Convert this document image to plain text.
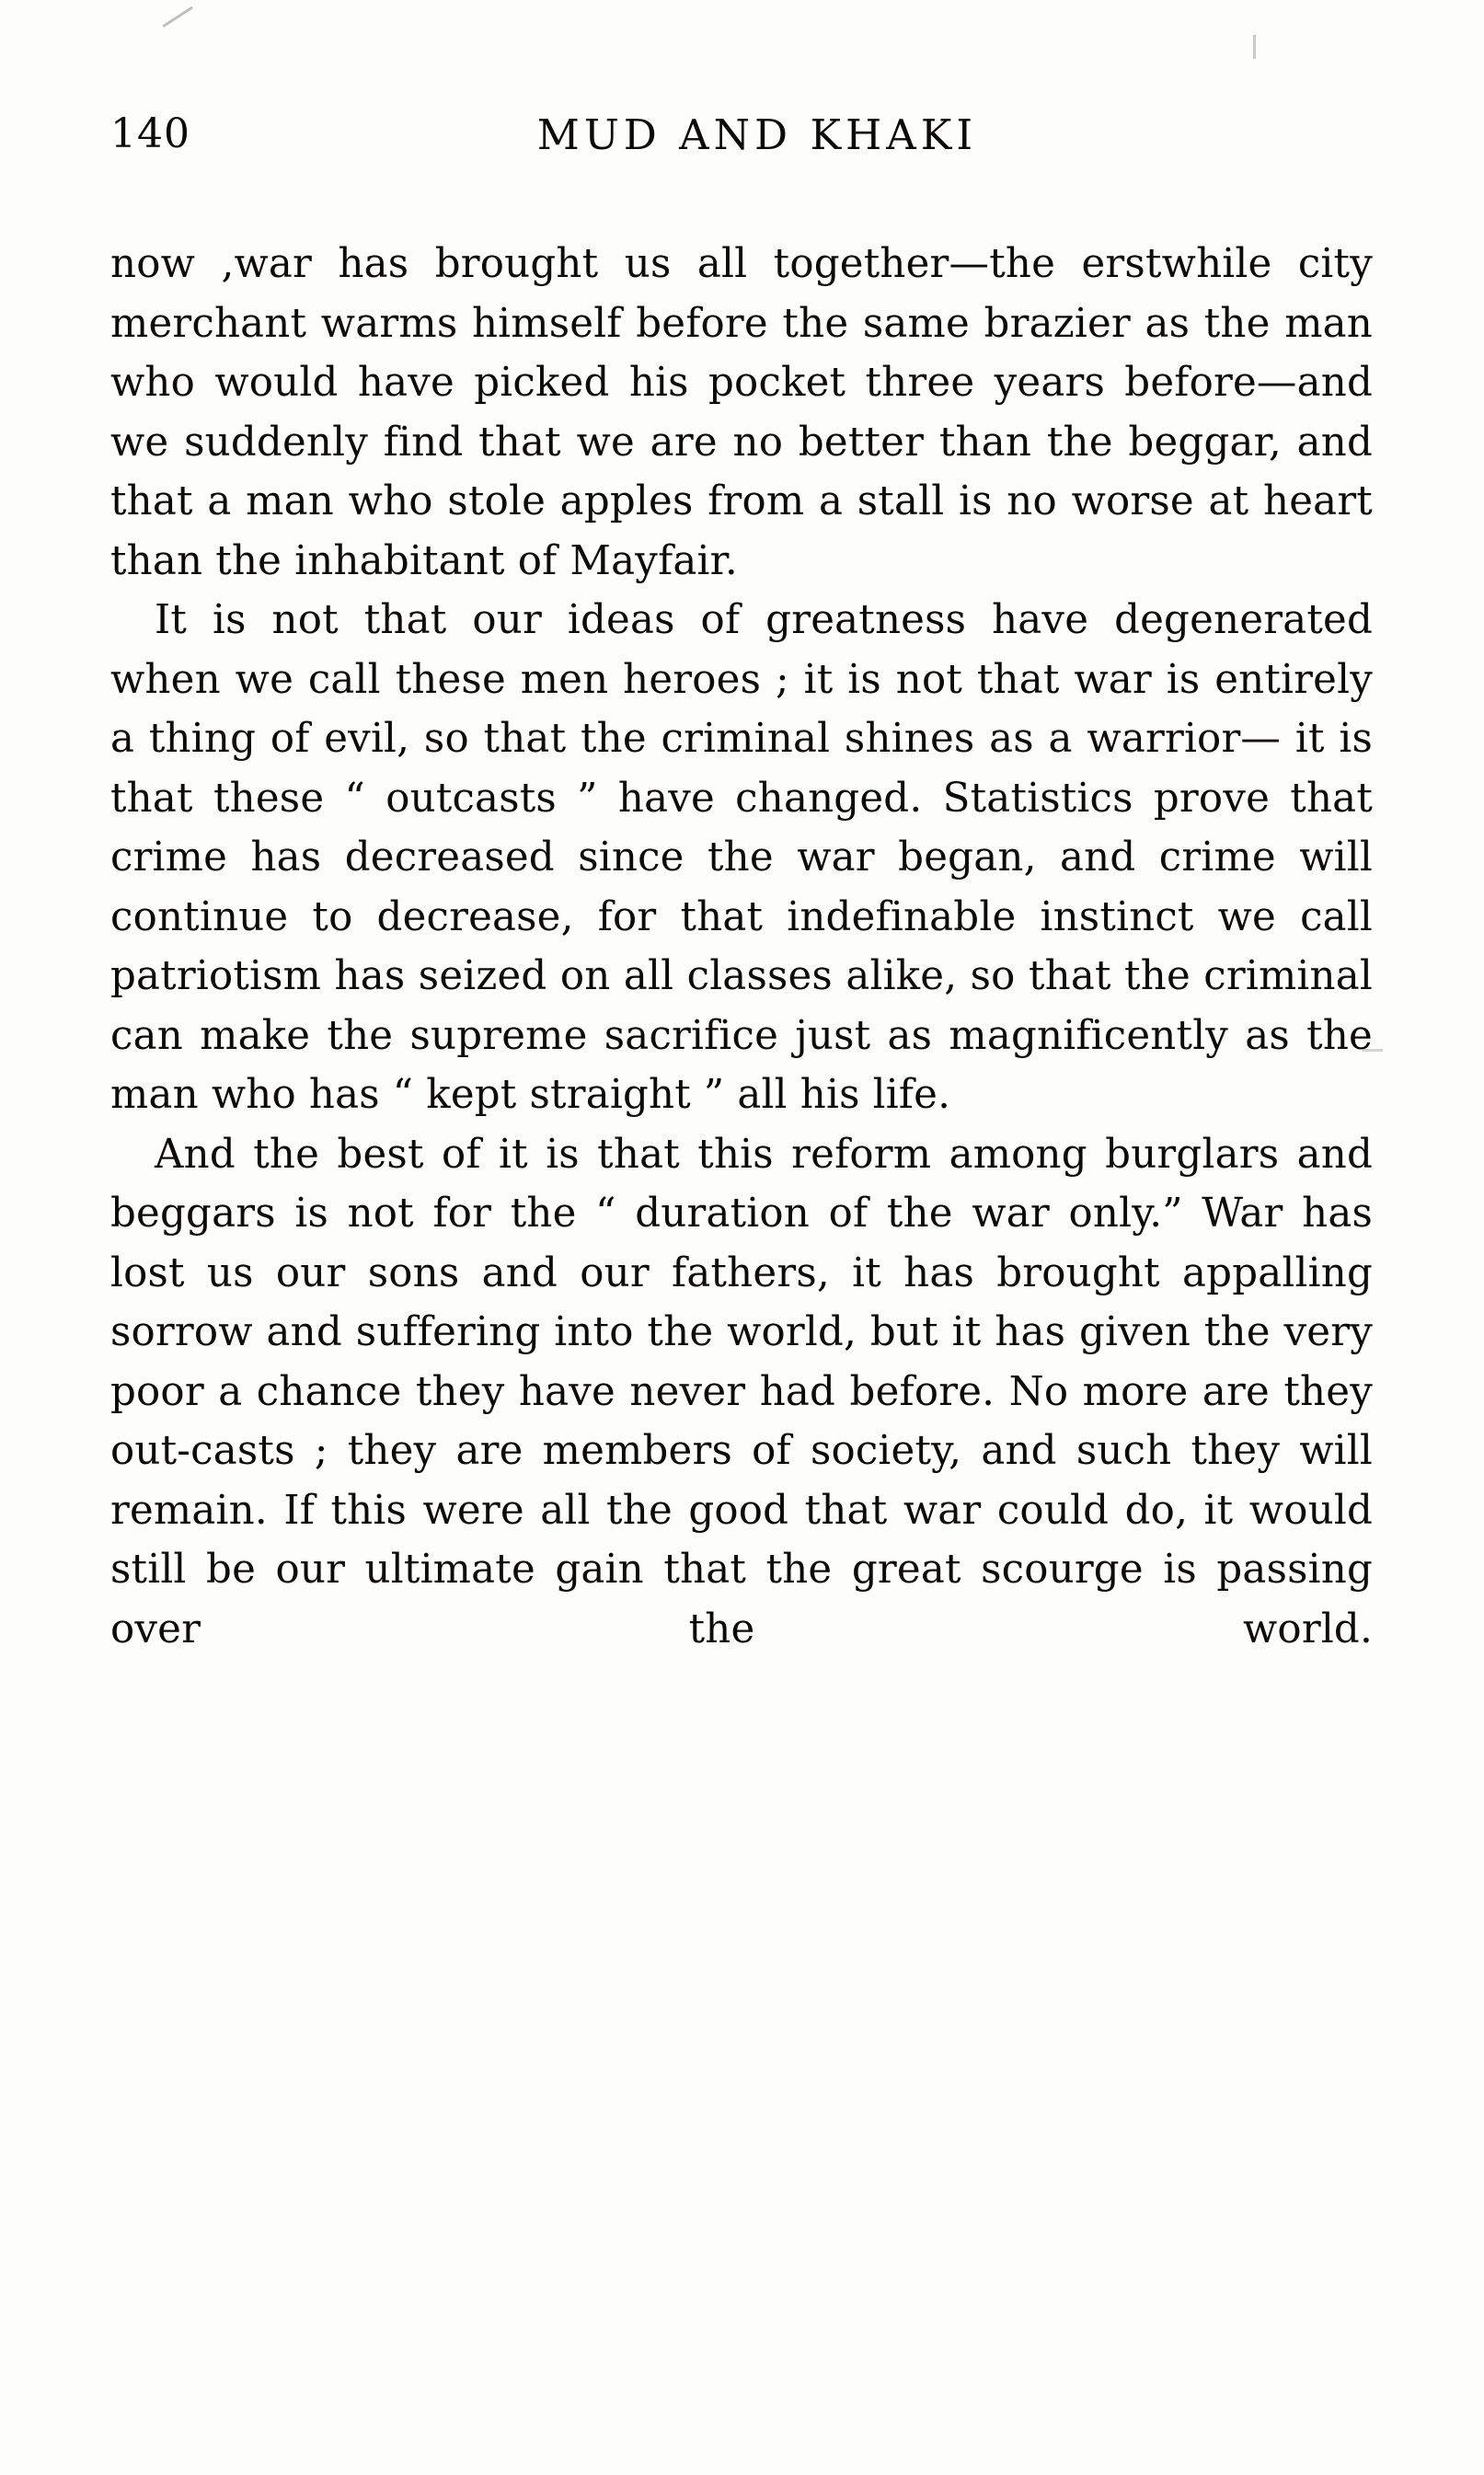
140	MUD AND KHAKI

now ,war has brought us all together—the erstwhile city merchant warms himself before the same brazier as the man who would have picked his pocket three years before—and we suddenly find that we are no better than the beggar, and that a man who stole apples from a stall is no worse at heart than the inhabitant of Mayfair.

It is not that our ideas of greatness have degenerated when we call these men heroes ; it is not that war is entirely a thing of evil, so that the criminal shines as a warrior— it is that these “ outcasts ” have changed. Statistics prove that crime has decreased since the war began, and crime will continue to decrease, for that indefinable instinct we call patriotism has seized on all classes alike, so that the criminal can make the supreme sacrifice just as magnificently as the man who has “ kept straight ” all his life.

And the best of it is that this reform among burglars and beggars is not for the “ duration of the war only.” War has lost us our sons and our fathers, it has brought appalling sorrow and suffering into the world, but it has given the very poor a chance they have never had before. No more are they out-casts ; they are members of society, and such they will remain. If this were all the good that war could do, it would still be our ultimate gain that the great scourge is passing over the world.
